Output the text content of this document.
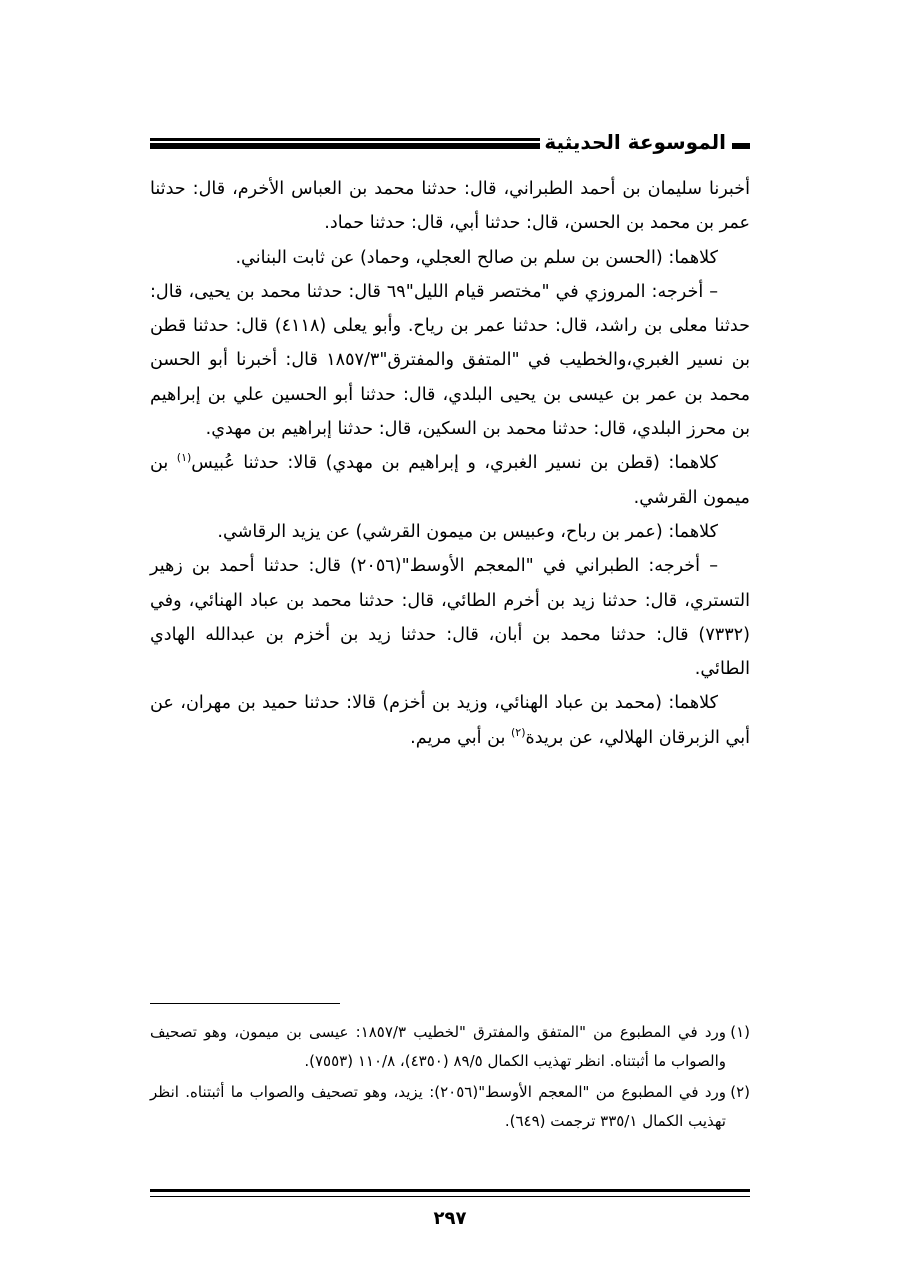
الموسوعة الحديثية

أخبرنا سليمان بن أحمد الطبراني، قال: حدثنا محمد بن العباس الأخرم، قال: حدثنا عمر بن محمد بن الحسن، قال: حدثنا أبي، قال: حدثنا حماد.

كلاهما: (الحسن بن سلم بن صالح العجلي، وحماد) عن ثابت البناني.

– أخرجه: المروزي في "مختصر قيام الليل"٦٩ قال: حدثنا محمد بن يحيى، قال: حدثنا معلى بن راشد، قال: حدثنا عمر بن رياح. وأبو يعلى (٤١١٨) قال: حدثنا قطن بن نسير الغبري،والخطيب في "المتفق والمفترق"١٨٥٧/٣ قال: أخبرنا أبو الحسن محمد بن عمر بن عيسى بن يحيى البلدي، قال: حدثنا أبو الحسين علي بن إبراهيم بن محرز البلدي، قال: حدثنا محمد بن السكين، قال: حدثنا إبراهيم بن مهدي.

كلاهما: (قطن بن نسير الغبري، و إبراهيم بن مهدي) قالا: حدثنا عُبيس$^{(١)}$ بن ميمون القرشي.

كلاهما: (عمر بن رباح، وعبيس بن ميمون القرشي) عن يزيد الرقاشي.

– أخرجه: الطبراني في "المعجم الأوسط"(٢٠٥٦) قال: حدثنا أحمد بن زهير التستري، قال: حدثنا زيد بن أخرم الطائي، قال: حدثنا محمد بن عباد الهنائي، وفي (٧٣٣٢) قال: حدثنا محمد بن أبان، قال: حدثنا زيد بن أخزم بن عبدالله الهادي الطائي.

كلاهما: (محمد بن عباد الهنائي، وزيد بن أخزم) قالا: حدثنا حميد بن مهران، عن أبي الزبرقان الهلالي، عن بريدة$^{(٢)}$ بن أبي مريم.

(١)
ورد في المطبوع من "المتفق والمفترق "لخطيب ١٨٥٧/٣: عيسى بن ميمون، وهو تصحيف والصواب ما أثبتناه. انظر تهذيب الكمال ٨٩/٥ (٤٣٥٠)، ١١٠/٨ (٧٥٥٣).

(٢)
ورد في المطبوع من "المعجم الأوسط"(٢٠٥٦): يزيد، وهو تصحيف والصواب ما أثبتناه. انظر تهذيب الكمال ٣٣٥/١ ترجمت (٦٤٩).

٢٩٧
